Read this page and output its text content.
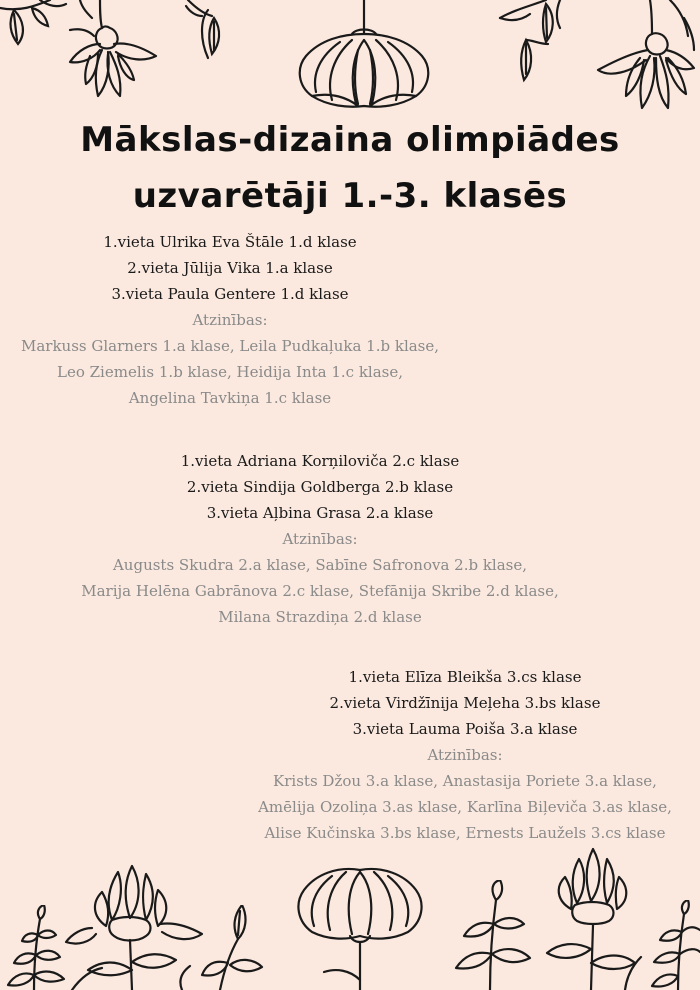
Mākslas-dizaina olimpiādes
uzvarētāji 1.-3. klasēs
1.vieta Ulrika Eva Štāle 1.d klase
2.vieta Jūlija Vika 1.a klase
3.vieta Paula Gentere 1.d klase
Atzinības:
Markuss Glarners 1.a klase, Leila Pudkaļuka 1.b klase,
Leo Ziemelis 1.b klase, Heidija Inta 1.c klase,
Angelina Tavkiņa 1.c klase
1.vieta Adriana Korņiloviča 2.c klase
2.vieta Sindija Goldberga 2.b klase
3.vieta Aļbina Grasa 2.a klase
Atzinības:
Augusts Skudra 2.a klase, Sabīne Safronova 2.b klase,
Marija Helēna Gabrānova 2.c klase, Stefānija Skribe 2.d klase,
Milana Strazdiņa 2.d klase
1.vieta Elīza Bleikša 3.cs klase
2.vieta Virdžīnija Meļeha 3.bs klase
3.vieta Lauma Poiša 3.a klase
Atzinības:
Krists Džou 3.a klase, Anastasija Poriete 3.a klase,
Amēlija Ozoliņa 3.as klase, Karlīna Biļeviča 3.as klase,
Alise Kučinska 3.bs klase, Ernests Laužels 3.cs klase
